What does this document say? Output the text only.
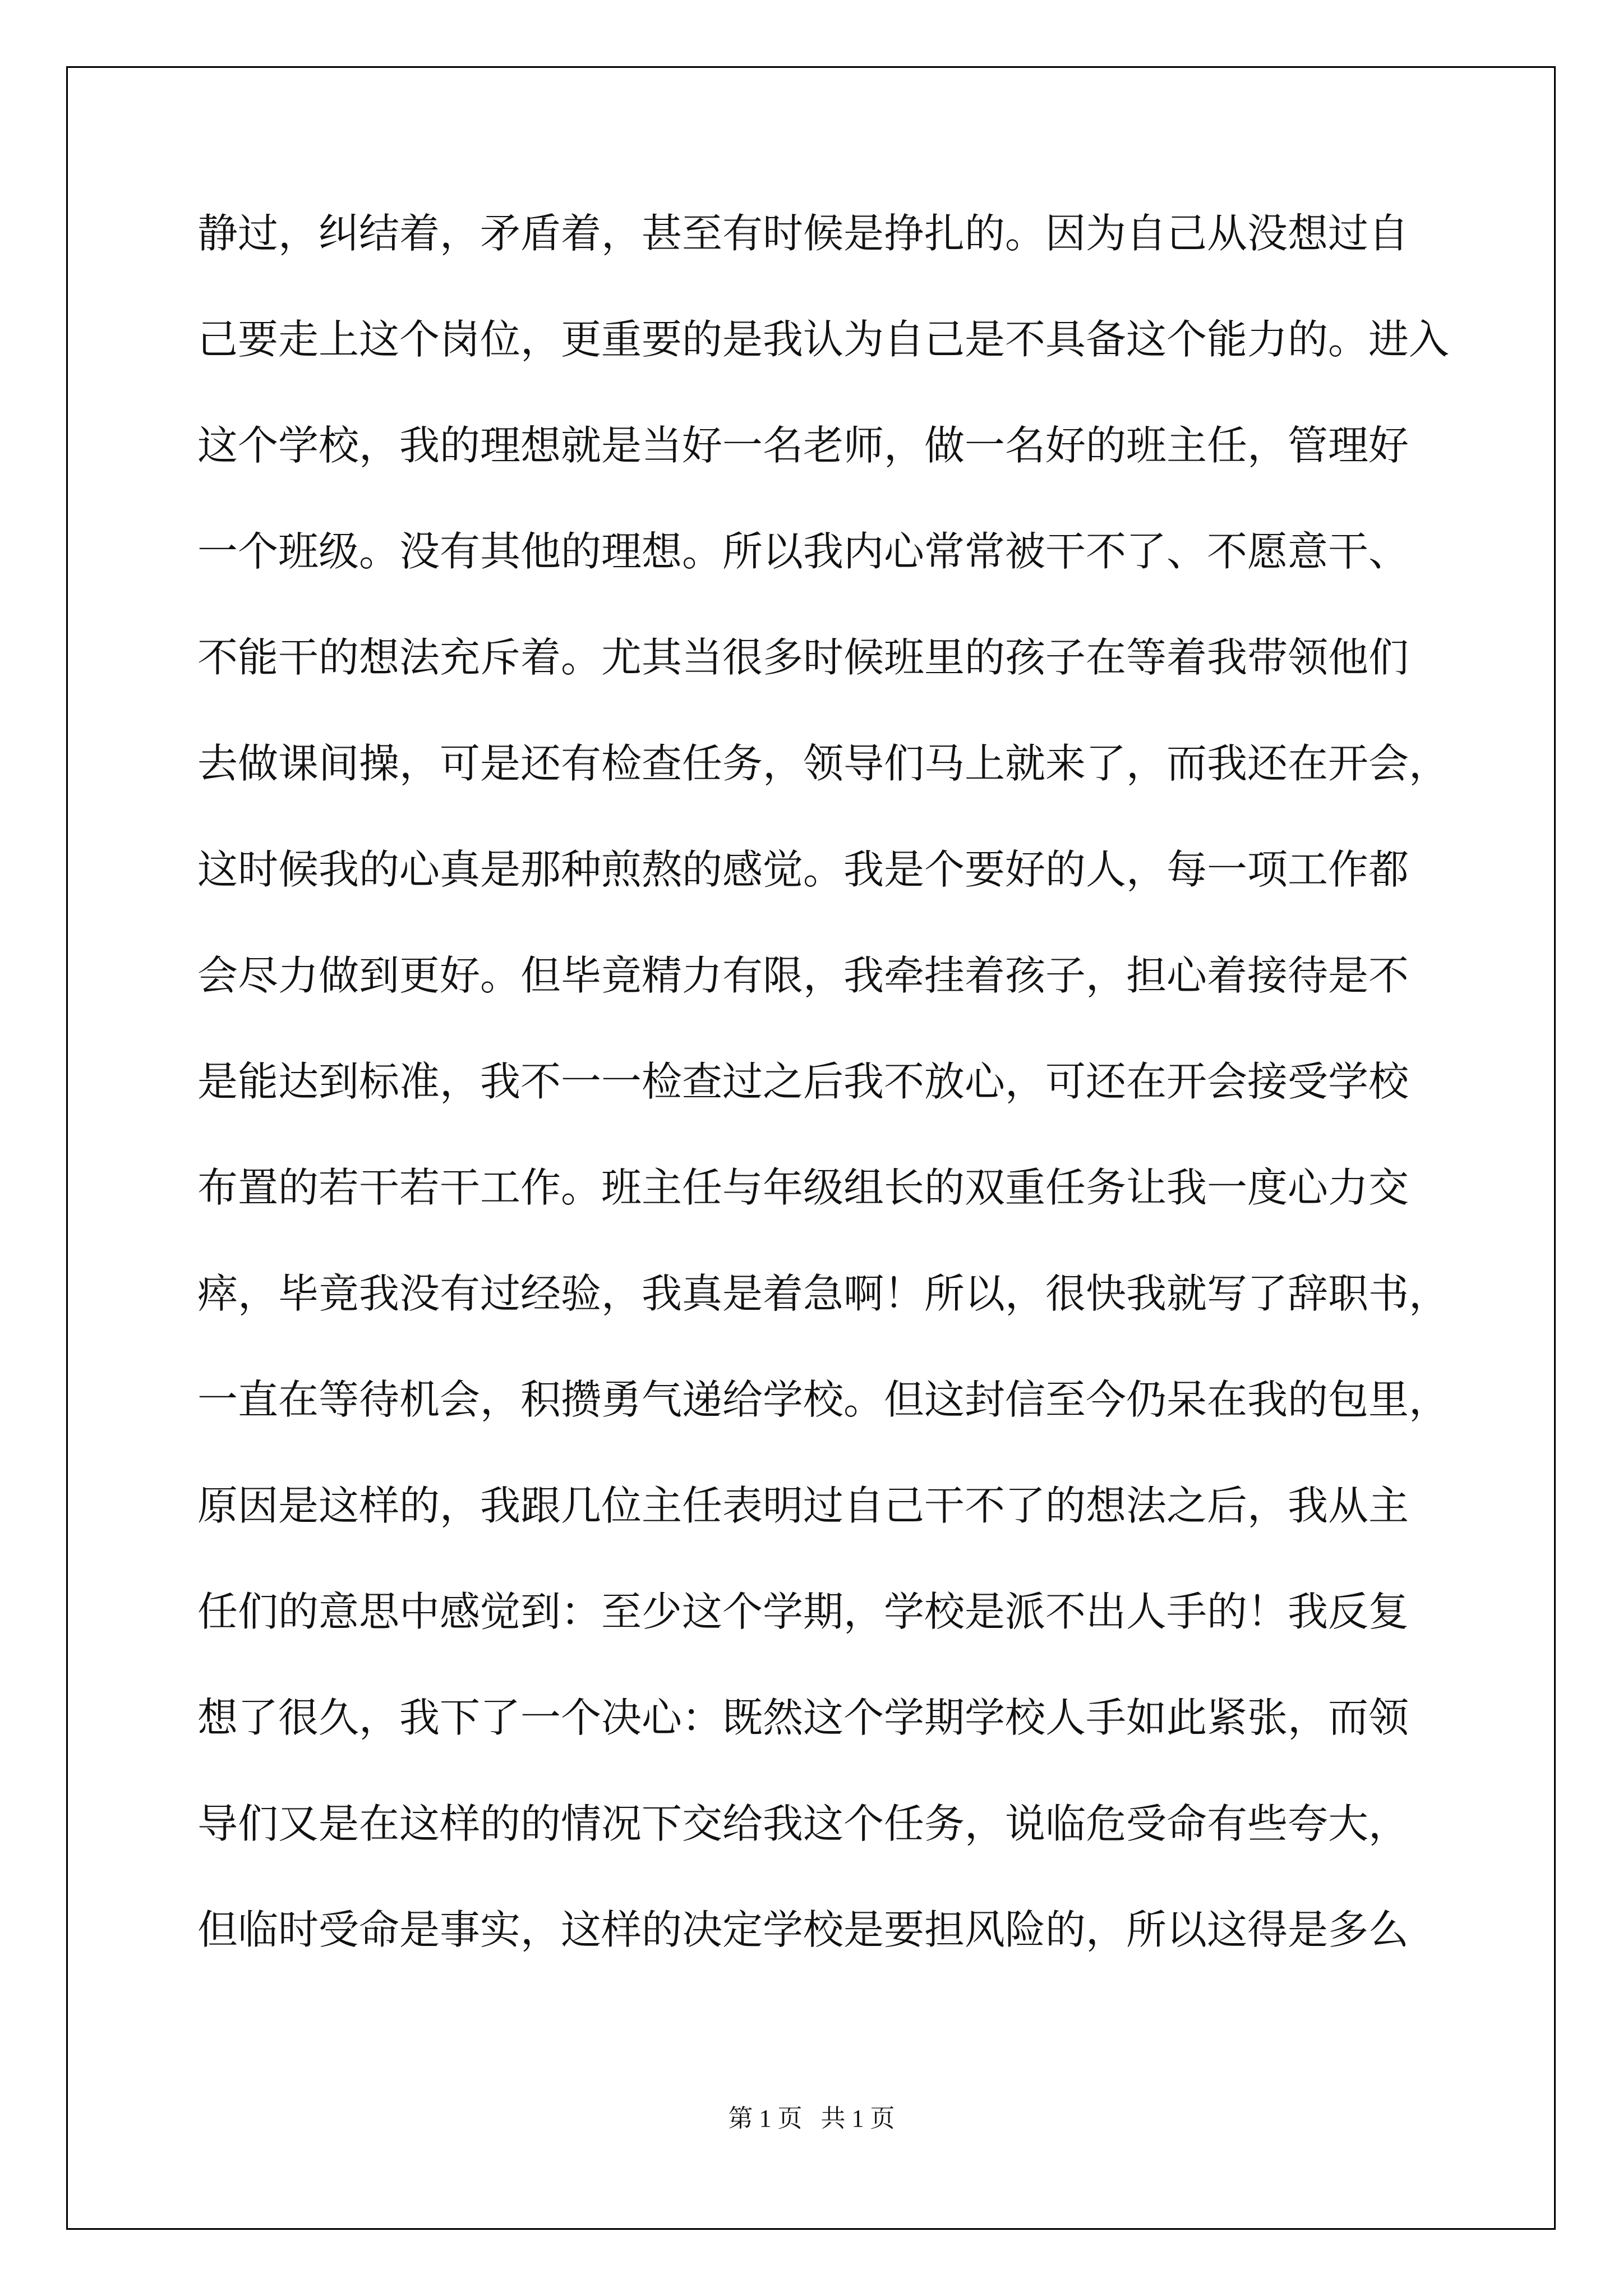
静过，纠结着，矛盾着，甚至有时候是挣扎的。因为自己从没想过自
己要走上这个岗位，更重要的是我认为自己是不具备这个能力的。进入
这个学校，我的理想就是当好一名老师，做一名好的班主任，管理好
一个班级。没有其他的理想。所以我内心常常被干不了、不愿意干、
不能干的想法充斥着。尤其当很多时候班里的孩子在等着我带领他们
去做课间操，可是还有检查任务，领导们马上就来了，而我还在开会，
这时候我的心真是那种煎熬的感觉。我是个要好的人，每一项工作都
会尽力做到更好。但毕竟精力有限，我牵挂着孩子，担心着接待是不
是能达到标准，我不一一检查过之后我不放心，可还在开会接受学校
布置的若干若干工作。班主任与年级组长的双重任务让我一度心力交
瘁，毕竟我没有过经验，我真是着急啊！所以，很快我就写了辞职书，
一直在等待机会，积攒勇气递给学校。但这封信至今仍呆在我的包里，
原因是这样的，我跟几位主任表明过自己干不了的想法之后，我从主
任们的意思中感觉到：至少这个学期，学校是派不出人手的！我反复
想了很久，我下了一个决心：既然这个学期学校人手如此紧张，而领
导们又是在这样的的情况下交给我这个任务，说临危受命有些夸大，
但临时受命是事实，这样的决定学校是要担风险的，所以这得是多么
第 1 页 共 1 页
